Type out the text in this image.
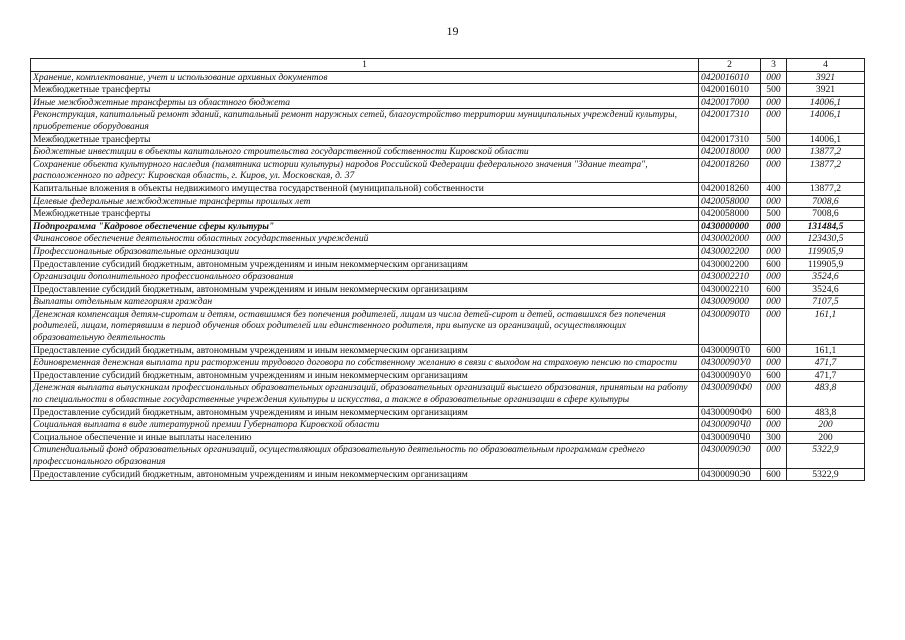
19
1	2	3	4
Хранение, комплектование, учет и использование архивных документов	0420016010	000	3921
Межбюджетные трансферты	0420016010	500	3921
Иные межбюджетные трансферты из областного бюджета	0420017000	000	14006,1
Реконструкция, капитальный ремонт зданий, капитальный ремонт наружных сетей, благоустройство территории муниципальных учреждений культуры, приобретение оборудования	0420017310	000	14006,1
Межбюджетные трансферты	0420017310	500	14006,1
Бюджетные инвестиции в объекты капитального строительства государственной собственности Кировской области	0420018000	000	13877,2
Сохранение объекта культурного наследия (памятника истории культуры) народов Российской Федерации федерального значения "Здание театра", расположенного по адресу: Кировская область, г. Киров, ул. Московская, д. 37	0420018260	000	13877,2
Капитальные вложения в объекты недвижимого имущества государственной (муниципальной) собственности	0420018260	400	13877,2
Целевые федеральные межбюджетные трансферты прошлых лет	0420058000	000	7008,6
Межбюджетные трансферты	0420058000	500	7008,6
Подпрограмма "Кадровое обеспечение сферы культуры"	0430000000	000	131484,5
Финансовое обеспечение деятельности областных государственных учреждений	0430002000	000	123430,5
Профессиональные образовательные организации	0430002200	000	119905,9
Предоставление субсидий бюджетным, автономным учреждениям и иным некоммерческим организациям	0430002200	600	119905,9
Организации дополнительного профессионального образования	0430002210	000	3524,6
Предоставление субсидий бюджетным, автономным учреждениям и иным некоммерческим организациям	0430002210	600	3524,6
Выплаты отдельным категориям граждан	0430009000	000	7107,5
Денежная компенсация детям-сиротам и детям, оставшимся без попечения родителей, лицам из числа детей-сирот и детей, оставшихся без попечения родителей, лицам, потерявшим в период обучения обоих родителей или единственного родителя, при выпуске из организаций, осуществляющих образовательную деятельность	04300090Т0	000	161,1
Предоставление субсидий бюджетным, автономным учреждениям и иным некоммерческим организациям	04300090Т0	600	161,1
Единовременная денежная выплата при расторжении трудового договора по собственному желанию в связи с выходом на страховую пенсию по старости	04300090У0	000	471,7
Предоставление субсидий бюджетным, автономным учреждениям и иным некоммерческим организациям	04300090У0	600	471,7
Денежная выплата выпускникам профессиональных образовательных организаций, образовательных организаций высшего образования, принятым на работу по специальности в областные государственные учреждения культуры и искусства, а также в образовательные организации в сфере культуры	04300090Ф0	000	483,8
Предоставление субсидий бюджетным, автономным учреждениям и иным некоммерческим организациям	04300090Ф0	600	483,8
Социальная выплата в виде литературной премии Губернатора Кировской области	04300090Ч0	000	200
Социальное обеспечение и иные выплаты населению	04300090Ч0	300	200
Стипендиальный фонд образовательных организаций, осуществляющих образовательную деятельность по образовательным программам среднего профессионального образования	04300090Э0	000	5322,9
Предоставление субсидий бюджетным, автономным учреждениям и иным некоммерческим организациям	04300090Э0	600	5322,9
